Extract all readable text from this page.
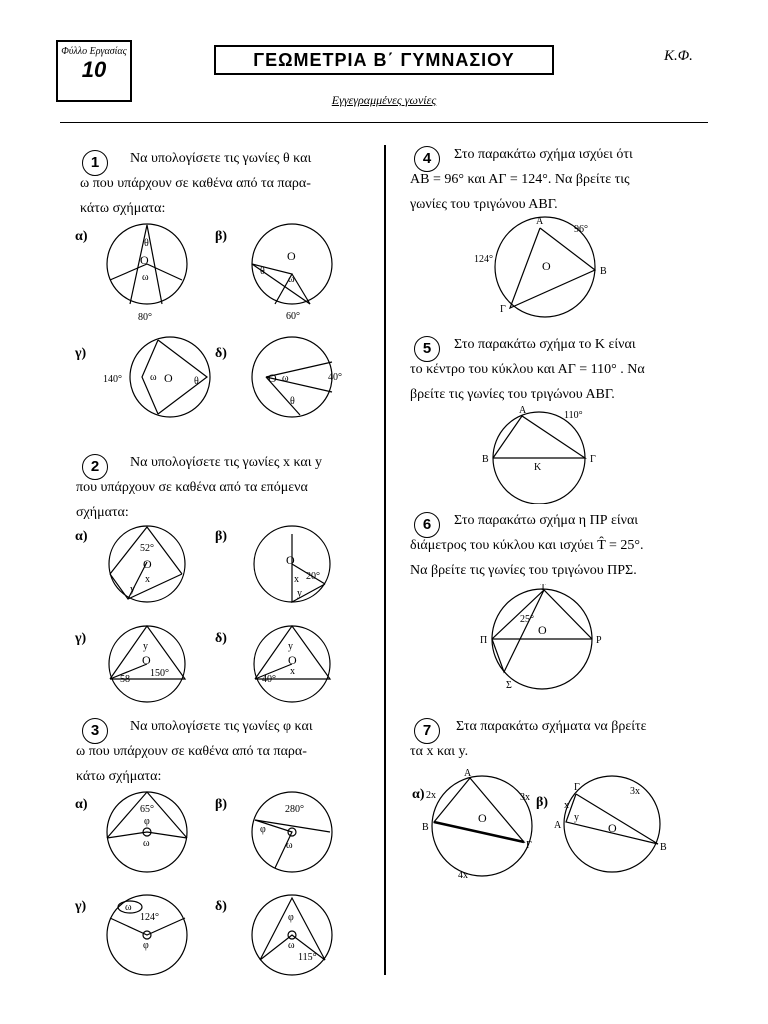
Φύλλο Εργασίας
10	ΓΕΩΜΕΤΡΙΑ Β΄ ΓΥΜΝΑΣΙΟΥ	Κ.Φ.
Εγγεγραμμένες γωνίες
1	Να υπολογίσετε τις γωνίες θ και
ω που υπάρχουν σε καθένα από τα παρα-
κάτω σχήματα:
α)	β)
γ)	δ)
O
θ
ω
80°
O
θ
ω
60°
140°	ω O θ	O ω	40°
θ
2	Να υπολογίσετε τις γωνίες x και y
που υπάρχουν σε καθένα από τα επόμενα
σχήματα:
α)	β)
γ)	δ)
52°
O
x
y
O
20°
x
y
y
O
58
150°
y
O
x
40°
3	Να υπολογίσετε τις γωνίες φ και
ω που υπάρχουν σε καθένα από τα παρα-
κάτω σχήματα:
α)	β)
γ)	δ)
65°
φ
ω
280°
φ
ω
ω
124°
φ
φ
ω
115°
4	Στο παρακάτω σχήμα ισχύει ότι
ΑΒ = 96° και ΑΓ = 124°. Να βρείτε τις
γωνίες του τριγώνου ΑΒΓ.
A
B
Γ
O
96°
124°
5	Στο παρακάτω σχήμα το Κ είναι
το κέντρο του κύκλου και ΑΓ = 110° . Να
βρείτε τις γωνίες του τριγώνου ΑΒΓ.
A
B	Γ
K
110°
6	Στο παρακάτω σχήμα η ΠΡ είναι
διάμετρος του κύκλου και ισχύει T̂ = 25°.
Να βρείτε τις γωνίες του τριγώνου ΠΡΣ.
T
Π	P
Σ
O
25°
7	Στα παρακάτω σχήματα να βρείτε
τα x και y.
α) 2x	3x
4x
A
B
Γ
O
β) x
y
3x
Γ
A
B
O
